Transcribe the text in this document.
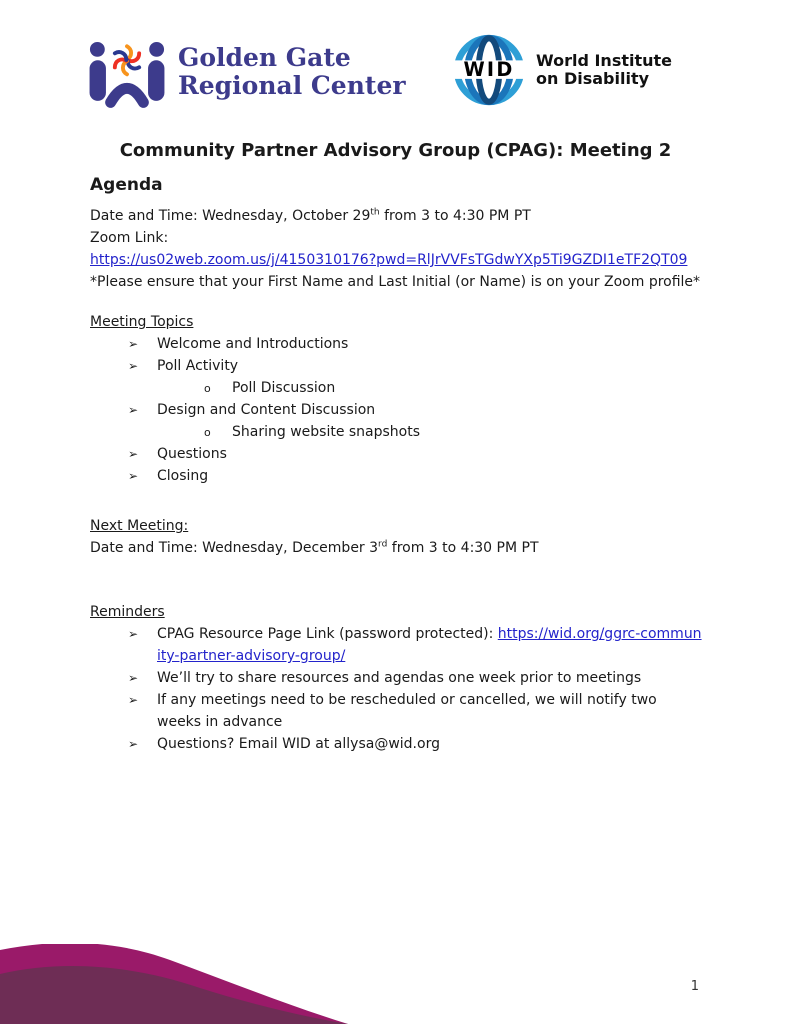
Golden Gate
Regional Center
WID World Institute
on Disability
Community Partner Advisory Group (CPAG): Meeting 2
Agenda
Date and Time: Wednesday, October 29th from 3 to 4:30 PM PT
Zoom Link:
https://us02web.zoom.us/j/4150310176?pwd=RlJrVVFsTGdwYXp5Ti9GZDI1eTF2QT09
*Please ensure that your First Name and Last Initial (or Name) is on your Zoom profile*
Meeting Topics
➢ Welcome and Introductions
➢ Poll Activity
o Poll Discussion
➢ Design and Content Discussion
o Sharing website snapshots
➢ Questions
➢ Closing
Next Meeting:
Date and Time: Wednesday, December 3rd from 3 to 4:30 PM PT
Reminders
➢ CPAG Resource Page Link (password protected): https://wid.org/ggrc-community-partner-advisory-group/
➢ We’ll try to share resources and agendas one week prior to meetings
➢ If any meetings need to be rescheduled or cancelled, we will notify two weeks in advance
➢ Questions? Email WID at allysa@wid.org
1
